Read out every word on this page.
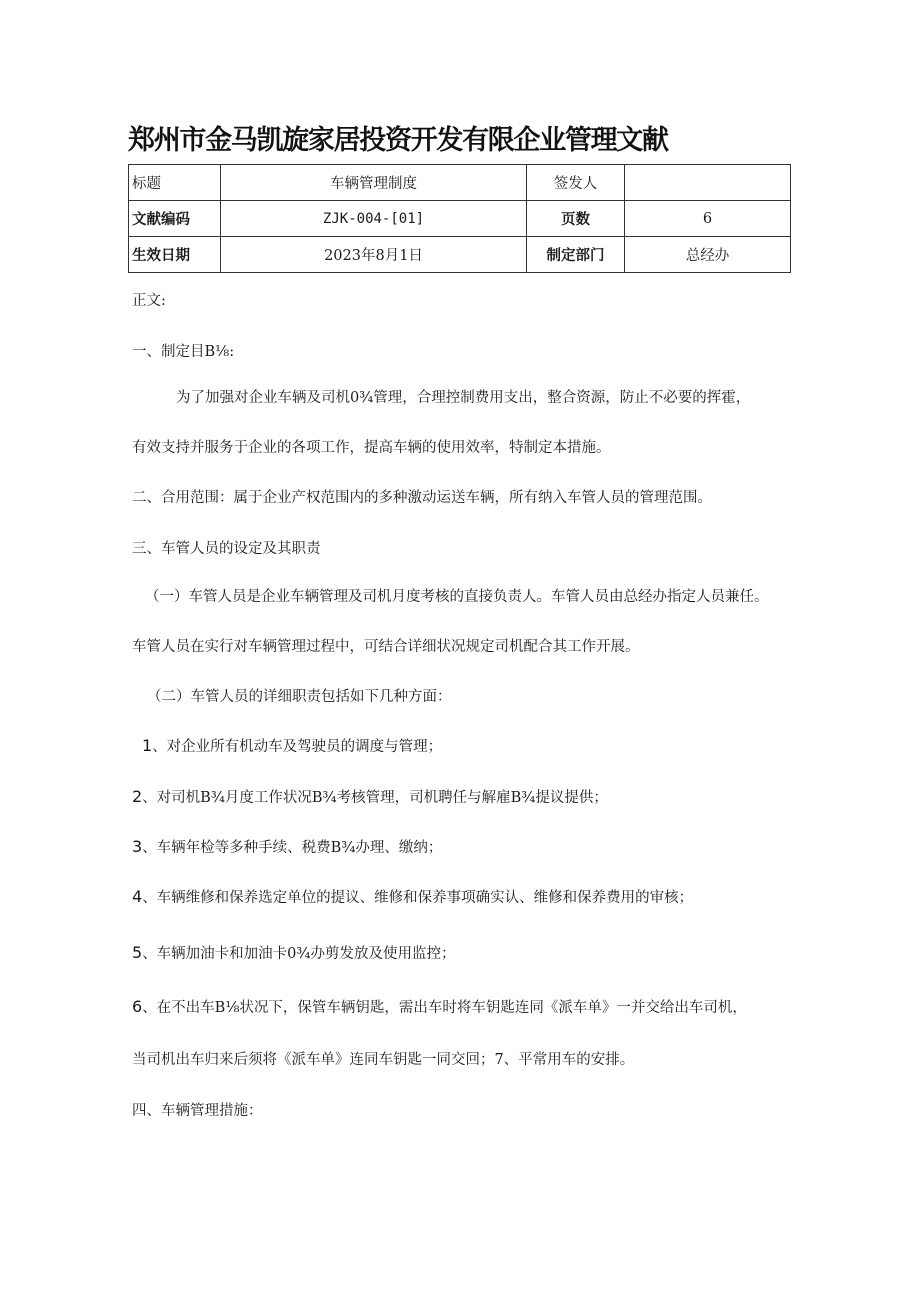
郑州市金马凯旋家居投资开发有限企业管理文献
标题	车辆管理制度	签发人	
文献编码	ZJK-004-[01]	页数	6
生效日期	2023年8月1日	制定部门	总经办
正文:
一、制定目B⅛:
为了加强对企业车辆及司机0¾管理，合理控制费用支出，整合资源，防止不必要的挥霍，
有效支持并服务于企业的各项工作，提高车辆的使用效率，特制定本措施。
二、合用范围：属于企业产权范围内的多种激动运送车辆，所有纳入车管人员的管理范围。
三、车管人员的设定及其职责
（一）车管人员是企业车辆管理及司机月度考核的直接负责人。车管人员由总经办指定人员兼任。
车管人员在实行对车辆管理过程中，可结合详细状况规定司机配合其工作开展。
（二）车管人员的详细职责包括如下几种方面：
1、对企业所有机动车及驾驶员的调度与管理；
2、对司机B¾月度工作状况B¾考核管理，司机聘任与解雇B¾提议提供；
3、车辆年检等多种手续、税费B¾办理、缴纳；
4、车辆维修和保养选定单位的提议、维修和保养事项确实认、维修和保养费用的审核；
5、车辆加油卡和加油卡0¾办剪发放及使用监控；
6、在不出车B⅛状况下，保管车辆钥匙，需出车时将车钥匙连同《派车单》一并交给出车司机，
当司机出车归来后须将《派车单》连同车钥匙一同交回；7、平常用车的安排。
四、车辆管理措施：
